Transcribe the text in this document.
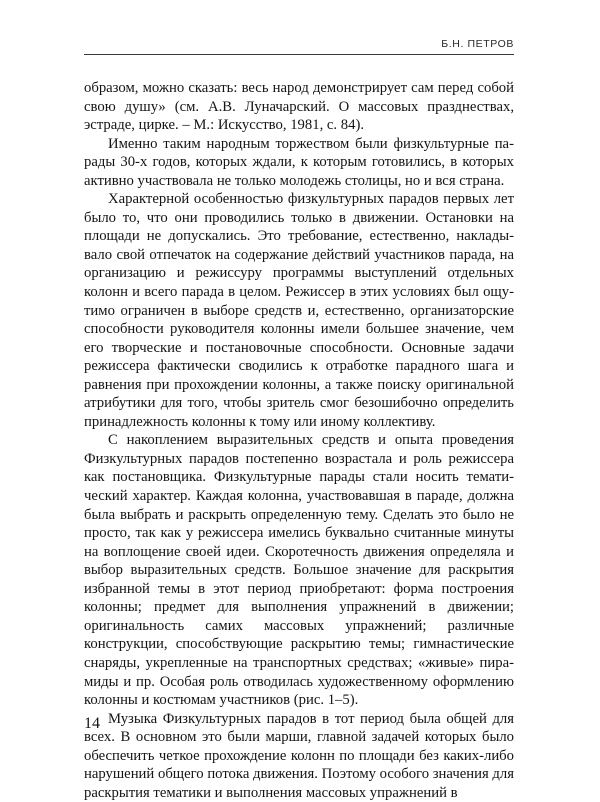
Б.Н. ПЕТРОВ

образом, можно сказать: весь народ демонстрирует сам перед собой свою душу» (см. А.В. Луначарский. О массовых празднествах, эстраде, цирке. – М.: Искусство, 1981, с. 84).

Именно таким народным торжеством были физкультурные парады 30-х годов, которых ждали, к которым готовились, в которых активно участвовала не только молодежь столицы, но и вся страна.

Характерной особенностью физкультурных парадов первых лет было то, что они проводились только в движении. Остановки на площади не допускались. Это требование, естественно, накладывало свой отпечаток на содержание действий участников парада, на организацию и режиссуру программы выступлений отдельных колонн и всего парада в целом. Режиссер в этих условиях был ощутимо ограничен в выборе средств и, естественно, организаторские способности руководителя колонны имели большее значение, чем его творческие и постановочные способности. Основные задачи режиссера фактически сводились к отработке парадного шага и равнения при прохождении колонны, а также поиску оригинальной атрибутики для того, чтобы зритель смог безошибочно определить принадлежность колонны к тому или иному коллективу.

С накоплением выразительных средств и опыта проведения Физкультурных парадов постепенно возрастала и роль режиссера как постановщика. Физкультурные парады стали носить тематический характер. Каждая колонна, участвовавшая в параде, должна была выбрать и раскрыть определенную тему. Сделать это было не просто, так как у режиссера имелись буквально считанные минуты на воплощение своей идеи. Скоротечность движения определяла и выбор выразительных средств. Большое значение для раскрытия избранной темы в этот период приобретают: форма построения колонны; предмет для выполнения упражнений в движении; оригинальность самих массовых упражнений; различные конструкции, способствующие раскрытию темы; гимнастические снаряды, укрепленные на транспортных средствах; «живые» пирамиды и пр. Особая роль отводилась художественному оформлению колонны и костюмам участников (рис. 1–5).

Музыка Физкультурных парадов в тот период была общей для всех. В основном это были марши, главной задачей которых было обеспечить четкое прохождение колонн по площади без каких-либо нарушений общего потока движения. Поэтому особого значения для раскрытия тематики и выполнения массовых упражнений в

14
